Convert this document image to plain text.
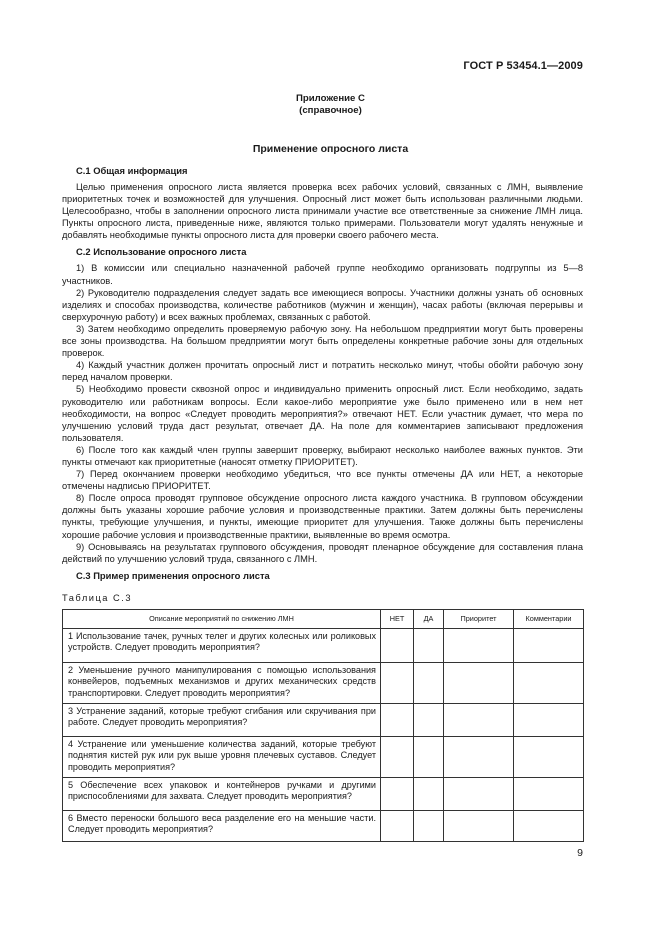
ГОСТ Р 53454.1—2009
Приложение С
(справочное)
Применение опросного листа
С.1 Общая информация

Целью применения опросного листа является проверка всех рабочих условий, связанных с ЛМН, выявление приоритетных точек и возможностей для улучшения. Опросный лист может быть использован различными людьми. Целесообразно, чтобы в заполнении опросного листа принимали участие все ответственные за снижение ЛМН лица. Пункты опросного листа, приведенные ниже, являются только примерами. Пользователи могут удалять ненужные и добавлять необходимые пункты опросного листа для проверки своего рабочего места.

С.2 Использование опросного листа

1) В комиссии или специально назначенной рабочей группе необходимо организовать подгруппы из 5—8 участников.

2) Руководителю подразделения следует задать все имеющиеся вопросы. Участники должны узнать об основных изделиях и способах производства, количестве работников (мужчин и женщин), часах работы (включая перерывы и сверхурочную работу) и всех важных проблемах, связанных с работой.

3) Затем необходимо определить проверяемую рабочую зону. На небольшом предприятии могут быть проверены все зоны производства. На большом предприятии могут быть определены конкретные рабочие зоны для отдельных проверок.

4) Каждый участник должен прочитать опросный лист и потратить несколько минут, чтобы обойти рабочую зону перед началом проверки.

5) Необходимо провести сквозной опрос и индивидуально применить опросный лист. Если необходимо, задать руководителю или работникам вопросы. Если какое-либо мероприятие уже было применено или в нем нет необходимости, на вопрос «Следует проводить мероприятия?» отвечают НЕТ. Если участник думает, что мера по улучшению условий труда даст результат, отвечает ДА. На поле для комментариев записывают предложения пользователя.

6) После того как каждый член группы завершит проверку, выбирают несколько наиболее важных пунктов. Эти пункты отмечают как приоритетные (наносят отметку ПРИОРИТЕТ).

7) Перед окончанием проверки необходимо убедиться, что все пункты отмечены ДА или НЕТ, а некоторые отмечены надписью ПРИОРИТЕТ.

8) После опроса проводят групповое обсуждение опросного листа каждого участника. В групповом обсуждении должны быть указаны хорошие рабочие условия и производственные практики. Затем должны быть перечислены пункты, требующие улучшения, и пункты, имеющие приоритет для улучшения. Также должны быть перечислены хорошие рабочие условия и производственные практики, выявленные во время осмотра.

9) Основываясь на результатах группового обсуждения, проводят пленарное обсуждение для составления плана действий по улучшению условий труда, связанного с ЛМН.

С.3 Пример применения опросного листа
Таблица С.3
Описание мероприятий по снижению ЛМН	НЕТ	ДА	Приоритет	Комментарии
1 Использование тачек, ручных телег и других колесных или роликовых устройств. Следует проводить мероприятия?				
2 Уменьшение ручного манипулирования с помощью использования конвейеров, подъемных механизмов и других механических средств транспортировки. Следует проводить мероприятия?				
3 Устранение заданий, которые требуют сгибания или скручивания при работе. Следует проводить мероприятия?				
4 Устранение или уменьшение количества заданий, которые требуют поднятия кистей рук или рук выше уровня плечевых суставов. Следует проводить мероприятия?				
5 Обеспечение всех упаковок и контейнеров ручками и другими приспособлениями для захвата. Следует проводить мероприятия?				
6 Вместо переноски большого веса разделение его на меньшие части. Следует проводить мероприятия?				
9
